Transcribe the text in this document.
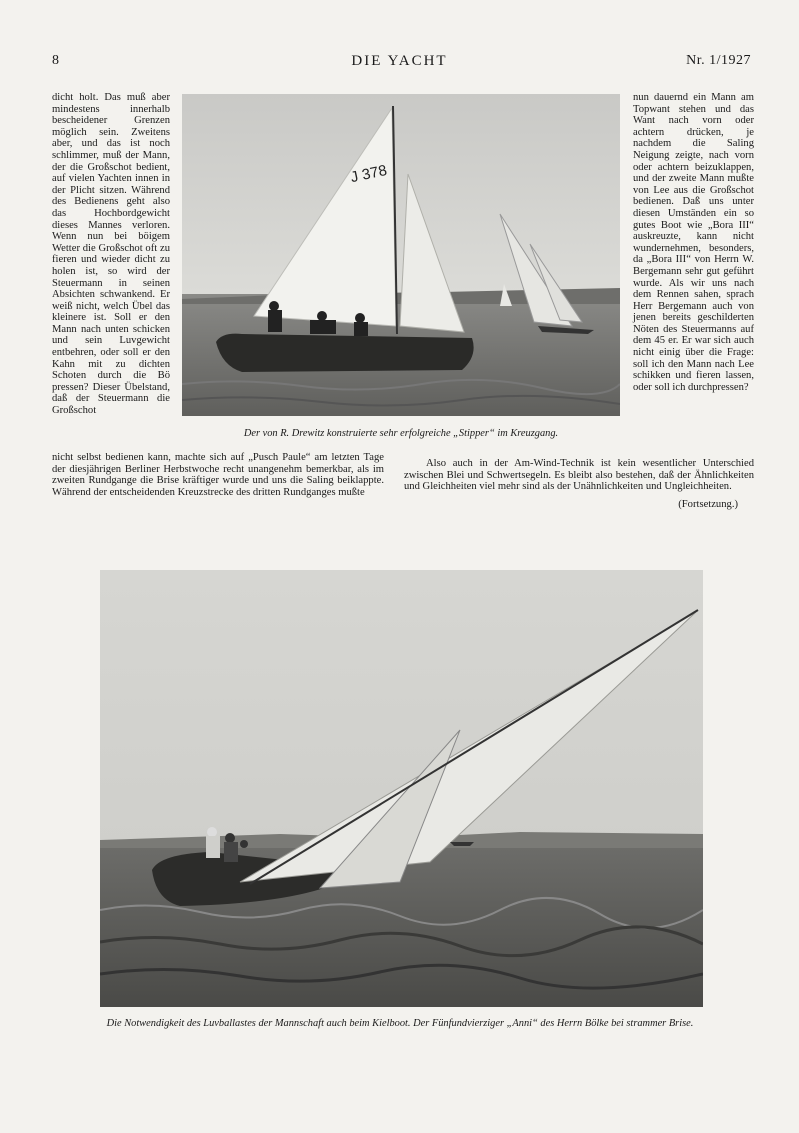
8	DIE YACHT	Nr. 1/1927

dicht holt. Das muß aber mindestens innerhalb bescheidener Grenzen möglich sein. Zweitens aber, und das ist noch schlimmer, muß der Mann, der die Großschot bedient, auf vielen Yachten innen in der Plicht sitzen. Während des Bedienens geht also das Hochbordgewicht dieses Mannes verloren. Wenn nun bei böigem Wetter die Großschot oft zu fieren und wieder dicht zu holen ist, so wird der Steuermann in seinen Absichten schwankend. Er weiß nicht, welch Übel das kleinere ist. Soll er den Mann nach unten schicken und sein Luvgewicht entbehren, oder soll er den Kahn mit zu dichten Schoten durch die Bö pressen? Dieser Übelstand, daß der Steuermann die Großschot

J 378
Der von R. Drewitz konstruierte sehr erfolgreiche „Stipper“ im Kreuzgang.

nun dauernd ein Mann am Topwant stehen und das Want nach vorn oder achtern drücken, je nachdem die Saling Neigung zeigte, nach vorn oder achtern beizuklappen, und der zweite Mann mußte von Lee aus die Großschot bedienen. Daß uns unter diesen Umständen ein so gutes Boot wie „Bora III“ auskreuzte, kann nicht wundernehmen, besonders, da „Bora III“ von Herrn W. Bergemann sehr gut geführt wurde. Als wir uns nach dem Rennen sahen, sprach Herr Bergemann auch von jenen bereits geschilderten Nöten des Steuermanns auf dem 45 er. Er war sich auch nicht einig über die Frage: soll ich den Mann nach Lee schikken und fieren lassen, oder soll ich durchpressen?

nicht selbst bedienen kann, machte sich auf „Pusch Paule“ am letzten Tage der diesjährigen Berliner Herbstwoche recht unangenehm bemerkbar, als im zweiten Rundgange die Brise kräftiger wurde und uns die Saling beiklappte. Während der entscheidenden Kreuzstrecke des dritten Rundganges mußte

Also auch in der Am-Wind-Technik ist kein wesentlicher Unterschied zwischen Blei und Schwertsegeln. Es bleibt also bestehen, daß der Ähnlichkeiten und Gleichheiten viel mehr sind als der Unähnlichkeiten und Ungleichheiten.

(Fortsetzung.)
Die Notwendigkeit des Luvballastes der Mannschaft auch beim Kielboot. Der Fünfundvierziger „Anni“ des Herrn Bölke bei strammer Brise.
